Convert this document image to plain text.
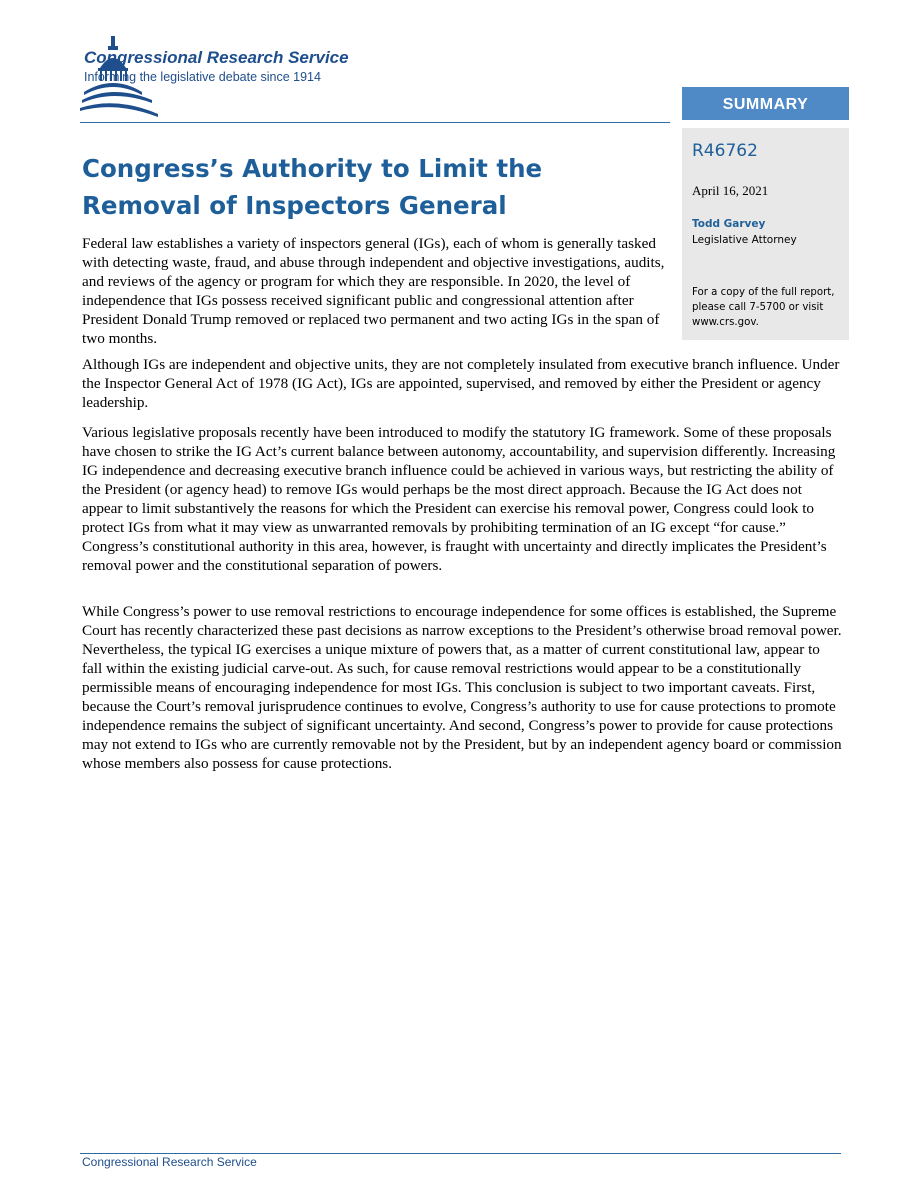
Congressional Research Service
Informing the legislative debate since 1914
SUMMARY
R46762
April 16, 2021
Todd Garvey
Legislative Attorney
For a copy of the full report, please call 7-5700 or visit www.crs.gov.
Congress’s Authority to Limit the Removal of Inspectors General

Federal law establishes a variety of inspectors general (IGs), each of whom is generally tasked with detecting waste, fraud, and abuse through independent and objective investigations, audits, and reviews of the agency or program for which they are responsible. In 2020, the level of independence that IGs possess received significant public and congressional attention after President Donald Trump removed or replaced two permanent and two acting IGs in the span of two months.

Although IGs are independent and objective units, they are not completely insulated from executive branch influence. Under the Inspector General Act of 1978 (IG Act), IGs are appointed, supervised, and removed by either the President or agency leadership.

Various legislative proposals recently have been introduced to modify the statutory IG framework. Some of these proposals have chosen to strike the IG Act’s current balance between autonomy, accountability, and supervision differently. Increasing IG independence and decreasing executive branch influence could be achieved in various ways, but restricting the ability of the President (or agency head) to remove IGs would perhaps be the most direct approach. Because the IG Act does not appear to limit substantively the reasons for which the President can exercise his removal power, Congress could look to protect IGs from what it may view as unwarranted removals by prohibiting termination of an IG except “for cause.” Congress’s constitutional authority in this area, however, is fraught with uncertainty and directly implicates the President’s removal power and the constitutional separation of powers.

While Congress’s power to use removal restrictions to encourage independence for some offices is established, the Supreme Court has recently characterized these past decisions as narrow exceptions to the President’s otherwise broad removal power. Nevertheless, the typical IG exercises a unique mixture of powers that, as a matter of current constitutional law, appear to fall within the existing judicial carve-out. As such, for cause removal restrictions would appear to be a constitutionally permissible means of encouraging independence for most IGs. This conclusion is subject to two important caveats. First, because the Court’s removal jurisprudence continues to evolve, Congress’s authority to use for cause protections to promote independence remains the subject of significant uncertainty. And second, Congress’s power to provide for cause protections may not extend to IGs who are currently removable not by the President, but by an independent agency board or commission whose members also possess for cause protections.

Congressional Research Service
